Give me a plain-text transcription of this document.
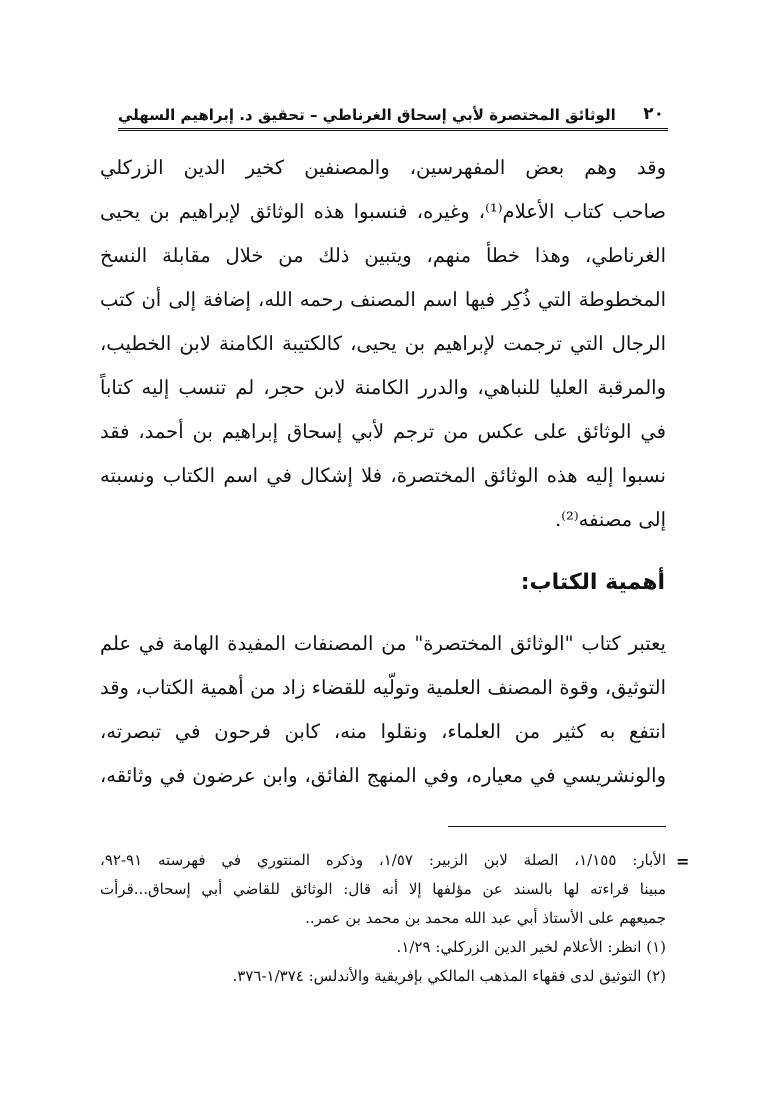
٢٠
الوثائق المختصرة لأبي إسحاق الغرناطي – تحقيق د. إبراهيم السهلي
وقد وهم بعض المفهرسين، والمصنفين كخير الدين الزركلي
صاحب كتاب الأعلام⁽¹⁾، وغيره، فنسبوا هذه الوثائق لإبراهيم بن يحيى
الغرناطي، وهذا خطأ منهم، ويتبين ذلك من خلال مقابلة النسخ
المخطوطة التي ذُكِر فيها اسم المصنف رحمه الله، إضافة إلى أن كتب
الرجال التي ترجمت لإبراهيم بن يحيى، كالكتيبة الكامنة لابن الخطيب،
والمرقبة العليا للنباهي، والدرر الكامنة لابن حجر، لم تنسب إليه كتاباً
في الوثائق على عكس من ترجم لأبي إسحاق إبراهيم بن أحمد، فقد
نسبوا إليه هذه الوثائق المختصرة، فلا إشكال في اسم الكتاب ونسبته
إلى مصنفه⁽²⁾.
أهمية الكتاب:
يعتبر كتاب "الوثائق المختصرة" من المصنفات المفيدة الهامة في علم
التوثيق، وقوة المصنف العلمية وتولّيه للقضاء زاد من أهمية الكتاب، وقد
انتفع به كثير من العلماء، ونقلوا منه، كابن فرحون في تبصرته،
والونشريسي في معياره، وفي المنهج الفائق، وابن عرضون في وثائقه،
=
الأبار: ١/١٥٥، الصلة لابن الزبير: ١/٥٧، وذكره المنتوري في فهرسته ٩١-٩٢،
مبينا قراءته لها بالسند عن مؤلفها إلا أنه قال: الوثائق للقاضي أبي إسحاق...قرأت
جميعهم على الأستاذ أبي عبد الله محمد بن محمد بن عمر..
(١) انظر: الأعلام لخير الدين الزركلي: ١/٢٩.
(٢) التوثيق لدى فقهاء المذهب المالكي بإفريقية والأندلس: ١/٣٧٤-٣٧٦.
